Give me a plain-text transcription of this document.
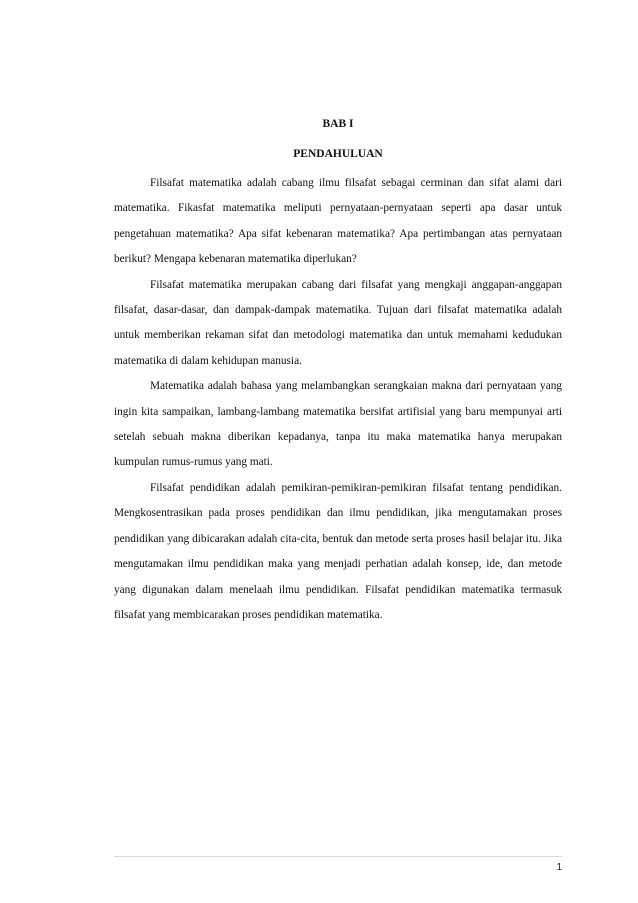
BAB I
PENDAHULUAN

Filsafat matematika adalah cabang ilmu filsafat sebagai cerminan dan sifat alami dari matematika. Fikasfat matematika meliputi pernyataan-pernyataan seperti apa dasar untuk pengetahuan matematika? Apa sifat kebenaran matematika? Apa pertimbangan atas pernyataan berikut? Mengapa kebenaran matematika diperlukan?

Filsafat matematika merupakan cabang dari filsafat yang mengkaji anggapan-anggapan filsafat, dasar-dasar, dan dampak-dampak matematika. Tujuan dari filsafat matematika adalah untuk memberikan rekaman sifat dan metodologi matematika dan untuk memahami kedudukan matematika di dalam kehidupan manusia.

Matematika adalah bahasa yang melambangkan serangkaian makna dari pernyataan yang ingin kita sampaikan, lambang-lambang matematika bersifat artifisial yang baru mempunyai arti setelah sebuah makna diberikan kepadanya, tanpa itu maka matematika hanya merupakan kumpulan rumus-rumus yang mati.

Filsafat pendidikan adalah pemikiran-pemikiran-pemikiran filsafat tentang pendidikan. Mengkosentrasikan pada proses pendidikan dan ilmu pendidikan, jika mengutamakan proses pendidikan yang dibicarakan adalah cita-cita, bentuk dan metode serta proses hasil belajar itu. Jika mengutamakan ilmu pendidikan maka yang menjadi perhatian adalah konsep, ide, dan metode yang digunakan dalam menelaah ilmu pendidikan. Filsafat pendidikan matematika termasuk filsafat yang membicarakan proses pendidikan matematika.

1
